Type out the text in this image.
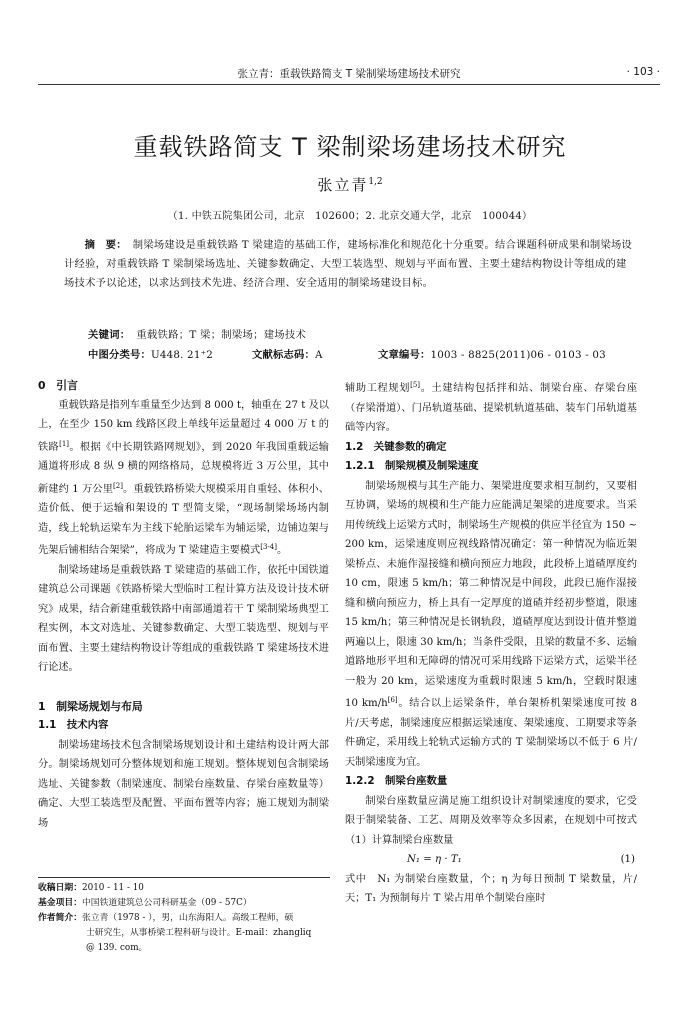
张立青：重载铁路简支 T 梁制梁场建场技术研究	· 103 ·
重载铁路简支 T 梁制梁场建场技术研究
张立青$^{1,2}$
（1. 中铁五院集团公司，北京　102600；2. 北京交通大学，北京　100044）
摘　要： 制梁场建设是重载铁路 T 梁建造的基础工作，建场标准化和规范化十分重要。结合课题科研成果和制梁场设计经验，对重载铁路 T 梁制梁场选址、关键参数确定、大型工装选型、规划与平面布置、主要土建结构物设计等组成的建场技术予以论述，以求达到技术先进、经济合理、安全适用的制梁场建设目标。
关键词： 重载铁路；T 梁；制梁场；建场技术
中图分类号：U448. 21⁺2	文献标志码：A	文章编号：1003 - 8825(2011)06 - 0103 - 03
0　引言

重载铁路是指列车重量至少达到 8 000 t，轴重在 27 t 及以上，在至少 150 km 线路区段上单线年运量超过 4 000 万 t 的铁路[1]。根据《中长期铁路网规划》，到 2020 年我国重载运输通道将形成 8 纵 9 横的网络格局，总规模将近 3 万公里，其中新建约 1 万公里[2]。重载铁路桥梁大规模采用自重轻、体积小、造价低、便于运输和架设的 T 型简支梁，“现场制梁场场内制造，线上轮轨运梁车为主线下轮胎运梁车为辅运梁，边铺边架与先架后铺相结合架梁”，将成为 T 梁建造主要模式[3-4]。

制梁场建场是重载铁路 T 梁建造的基础工作，依托中国铁道建筑总公司课题《铁路桥梁大型临时工程计算方法及设计技术研究》成果，结合新建重载铁路中南部通道若干 T 梁制梁场典型工程实例，本文对选址、关键参数确定、大型工装选型、规划与平面布置、主要土建结构物设计等组成的重载铁路 T 梁建场技术进行论述。

1　制梁场规划与布局
1.1　技术内容

制梁场建场技术包含制梁场规划设计和土建结构设计两大部分。制梁场规划可分整体规划和施工规划。整体规划包含制梁场选址、关键参数（制梁速度、制梁台座数量、存梁台座数量等）确定、大型工装选型及配置、平面布置等内容；施工规划为制梁场

辅助工程规划[5]。土建结构包括拌和站、制梁台座、存梁台座（存梁滑道）、门吊轨道基础、提梁机轨道基础、装车门吊轨道基础等内容。

1.2　关键参数的确定
1.2.1　制梁规模及制梁速度

制梁场规模与其生产能力、架梁进度要求相互制约，又要相互协调，梁场的规模和生产能力应能满足架梁的进度要求。当采用传统线上运梁方式时，制梁场生产规模的供应半径宜为 150 ~ 200 km，运梁速度则应视线路情况确定：第一种情况为临近架梁桥点、未施作湿接缝和横向预应力地段，此段桥上道碴厚度约 10 cm，限速 5 km/h；第二种情况是中间段，此段已施作湿接缝和横向预应力，桥上具有一定厚度的道碴并经初步整道，限速 15 km/h；第三种情况是长钢轨段，道碴厚度达到设计值并整道两遍以上，限速 30 km/h；当条件受限，且梁的数量不多、运输道路地形平坦和无障碍的情况可采用线路下运梁方式，运梁半径一般为 20 km，运梁速度为重载时限速 5 km/h，空载时限速 10 km/h[6]。结合以上运梁条件，单台架桥机架梁速度可按 8 片/天考虑，制梁速度应根据运梁速度、架梁速度、工期要求等条件确定，采用线上轮轨式运输方式的 T 梁制梁场以不低于 6 片/天制梁速度为宜。

1.2.2　制梁台座数量

制梁台座数量应满足施工组织设计对制梁速度的要求，它受限于制梁装备、工艺、周期及效率等众多因素，在规划中可按式（1）计算制梁台座数量

N₁ = η · T₁	(1)

式中　N₁ 为制梁台座数量，个；η 为每日预制 T 梁数量，片/天；T₁ 为预制每片 T 梁占用单个制梁台座时

收稿日期：2010 - 11 - 10

基金项目：中国铁道建筑总公司科研基金（09 - 57C）

作者简介：张立青（1978 - ），男，山东海阳人。高级工程师，硕

士研究生，从事桥梁工程科研与设计。E-mail：zhangliq

@ 139. com。
